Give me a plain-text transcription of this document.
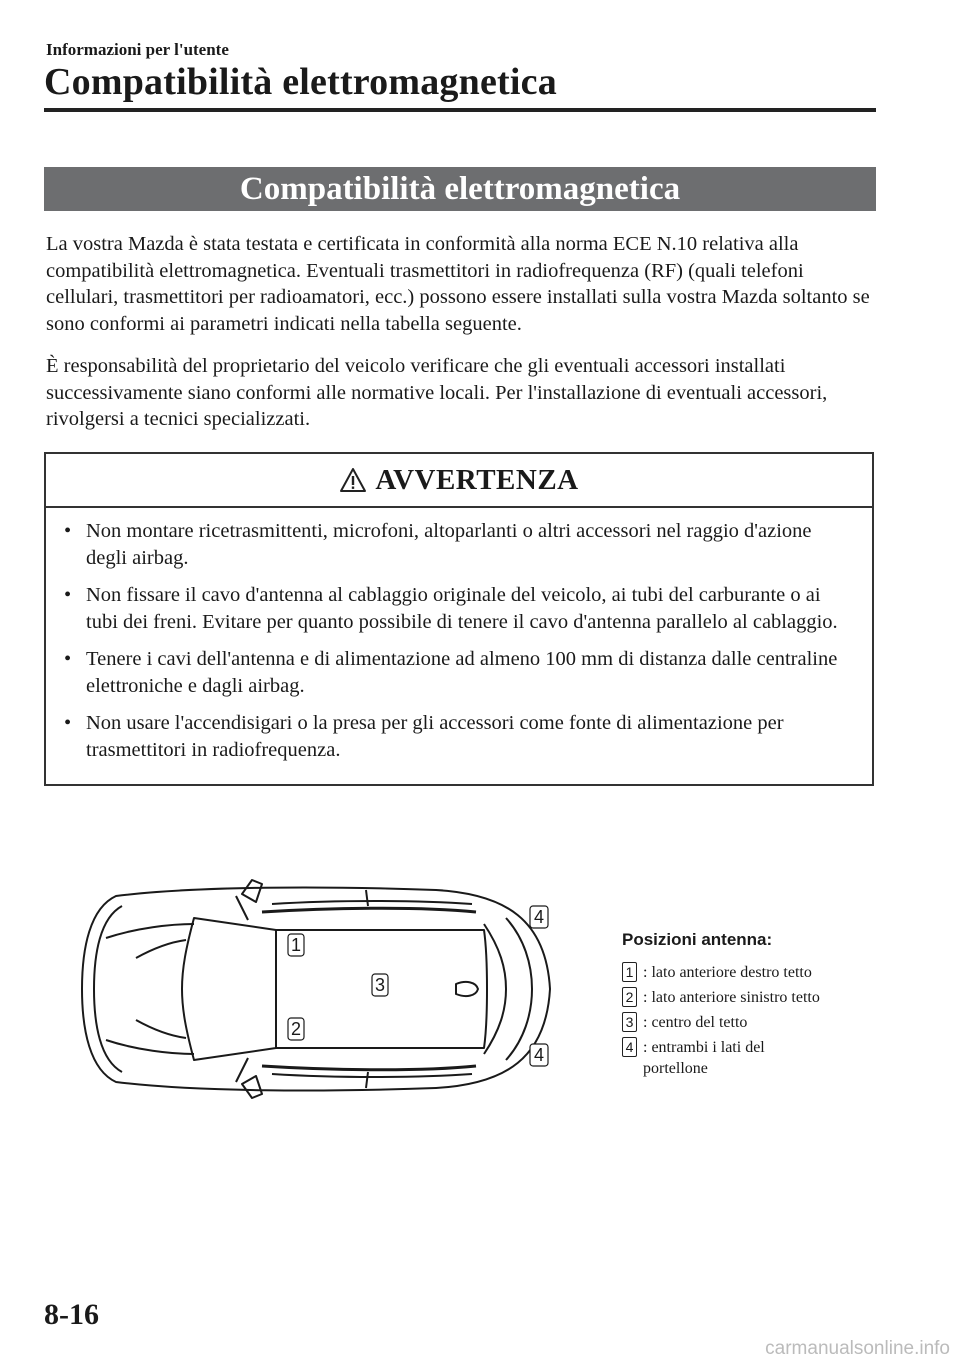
Informazioni per l'utente
Compatibilità elettromagnetica
Compatibilità elettromagnetica

La vostra Mazda è stata testata e certificata in conformità alla norma ECE N.10 relativa alla compatibilità elettromagnetica. Eventuali trasmettitori in radiofrequenza (RF) (quali telefoni cellulari, trasmettitori per radioamatori, ecc.) possono essere installati sulla vostra Mazda soltanto se sono conformi ai parametri indicati nella tabella seguente.

È responsabilità del proprietario del veicolo verificare che gli eventuali accessori installati successivamente siano conformi alle normative locali. Per l'installazione di eventuali accessori, rivolgersi a tecnici specializzati.

AVVERTENZA
• Non montare ricetrasmittenti, microfoni, altoparlanti o altri accessori nel raggio d'azione degli airbag.
• Non fissare il cavo d'antenna al cablaggio originale del veicolo, ai tubi del carburante o ai tubi dei freni. Evitare per quanto possibile di tenere il cavo d'antenna parallelo al cablaggio.
• Tenere i cavi dell'antenna e di alimentazione ad almeno 100 mm di distanza dalle centraline elettroniche e dagli airbag.
• Non usare l'accendisigari o la presa per gli accessori come fonte di alimentazione per trasmettitori in radiofrequenza.
1
2
3
4
4
Posizioni antenna:
1 : lato anteriore destro tetto
2 : lato anteriore sinistro tetto
3 : centro del tetto
4 : entrambi i lati del
portellone
8-16
carmanualsonline.info
